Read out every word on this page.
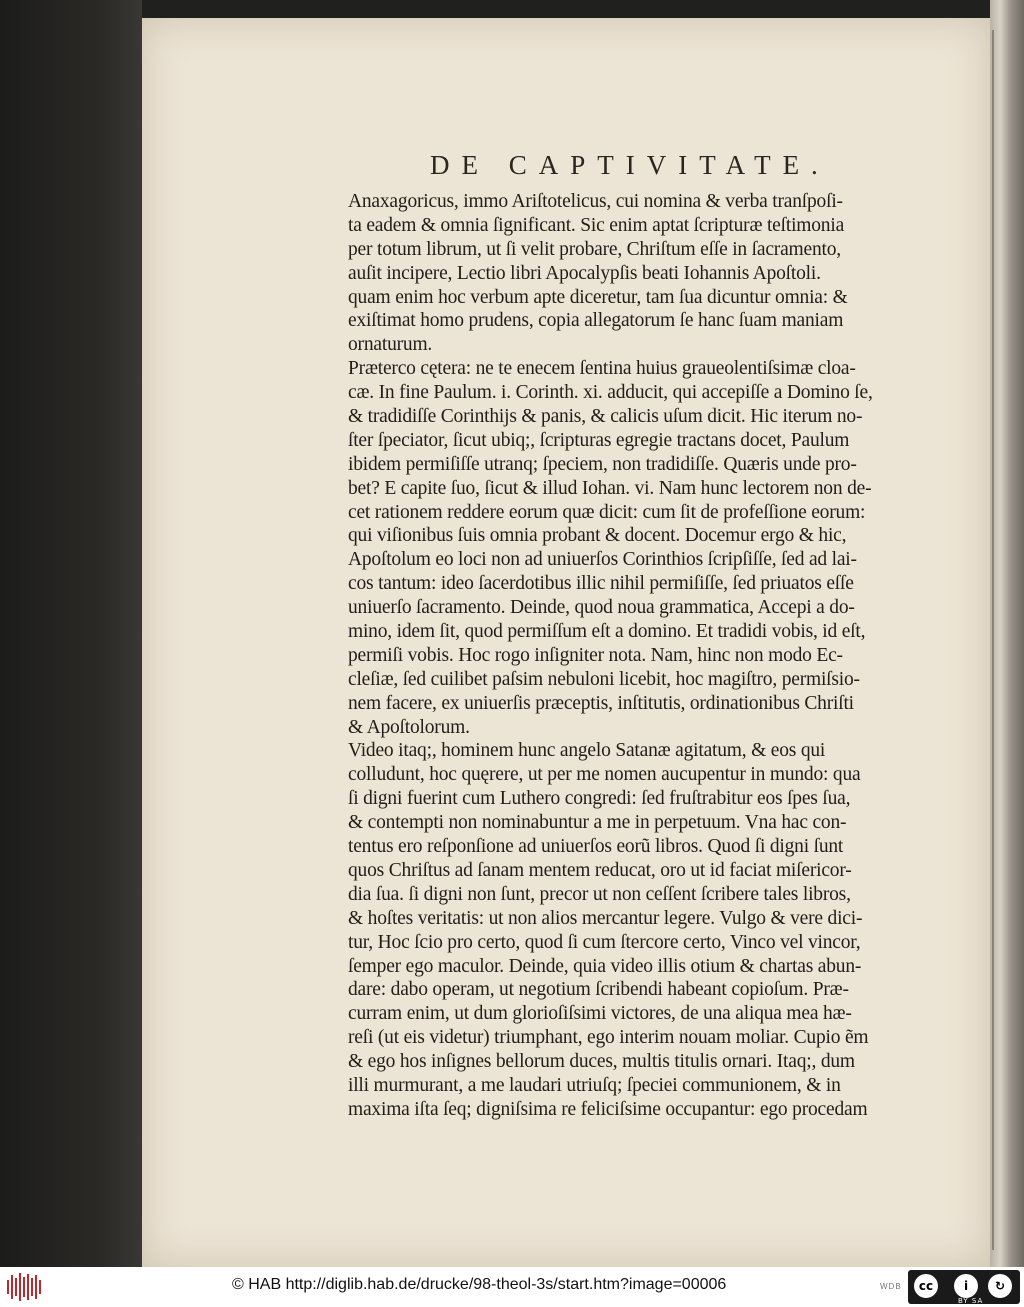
DE CAPTIVITATE.
Anaxagoricus, immo Ariſtotelicus, cui nomina & verba tranſpoſi-
ta eadem & omnia ſignificant. Sic enim aptat ſcripturæ teſtimonia
per totum librum, ut ſi velit probare, Chriſtum eſſe in ſacramento,
auſit incipere, Lectio libri Apocalypſis beati Iohannis Apoſtoli.
quam enim hoc verbum apte diceretur, tam ſua dicuntur omnia: &
exiſtimat homo prudens, copia allegatorum ſe hanc ſuam maniam
ornaturum.
Præterco cętera: ne te enecem ſentina huius graueolentiſsimæ cloa-
cæ. In fine Paulum. i. Corinth. xi. adducit, qui accepiſſe a Domino ſe,
& tradidiſſe Corinthijs & panis, & calicis uſum dicit. Hic iterum no-
ſter ſpeciator, ſicut ubiq;, ſcripturas egregie tractans docet, Paulum
ibidem permiſiſſe utranq; ſpeciem, non tradidiſſe. Quæris unde pro-
bet? E capite ſuo, ſicut & illud Iohan. vi. Nam hunc lectorem non de-
cet rationem reddere eorum quæ dicit: cum ſit de profeſſione eorum:
qui viſionibus ſuis omnia probant & docent. Docemur ergo & hic,
Apoſtolum eo loci non ad uniuerſos Corinthios ſcripſiſſe, ſed ad lai-
cos tantum: ideo ſacerdotibus illic nihil permiſiſſe, ſed priuatos eſſe
uniuerſo ſacramento. Deinde, quod noua grammatica, Accepi a do-
mino, idem ſit, quod permiſſum eſt a domino. Et tradidi vobis, id eſt,
permiſi vobis. Hoc rogo inſigniter nota. Nam, hinc non modo Ec-
cleſiæ, ſed cuilibet paſsim nebuloni licebit, hoc magiſtro, permiſsio-
nem facere, ex uniuerſis præceptis, inſtitutis, ordinationibus Chriſti
& Apoſtolorum.
Video itaq;, hominem hunc angelo Satanæ agitatum, & eos qui
colludunt, hoc quęrere, ut per me nomen aucupentur in mundo: qua
ſi digni fuerint cum Luthero congredi: ſed fruſtrabitur eos ſpes ſua,
& contempti non nominabuntur a me in perpetuum. Vna hac con-
tentus ero reſponſione ad uniuerſos eorũ libros. Quod ſi digni ſunt
quos Chriſtus ad ſanam mentem reducat, oro ut id faciat miſericor-
dia ſua. ſi digni non ſunt, precor ut non ceſſent ſcribere tales libros,
& hoſtes veritatis: ut non alios mercantur legere. Vulgo & vere dici-
tur, Hoc ſcio pro certo, quod ſi cum ſtercore certo, Vinco vel vincor,
ſemper ego maculor. Deinde, quia video illis otium & chartas abun-
dare: dabo operam, ut negotium ſcribendi habeant copioſum. Præ-
curram enim, ut dum glorioſiſsimi victores, de una aliqua mea hæ-
reſi (ut eis videtur) triumphant, ego interim nouam moliar. Cupio ẽm
& ego hos inſignes bellorum duces, multis titulis ornari. Itaq;, dum
illi murmurant, a me laudari utriuſq; ſpeciei communionem, & in
maxima iſta ſeq; digniſsima re feliciſsime occupantur: ego procedam
© HAB http://diglib.hab.de/drucke/98-theol-3s/start.htm?image=00006	WDB	cc	i	↻
BY SA
